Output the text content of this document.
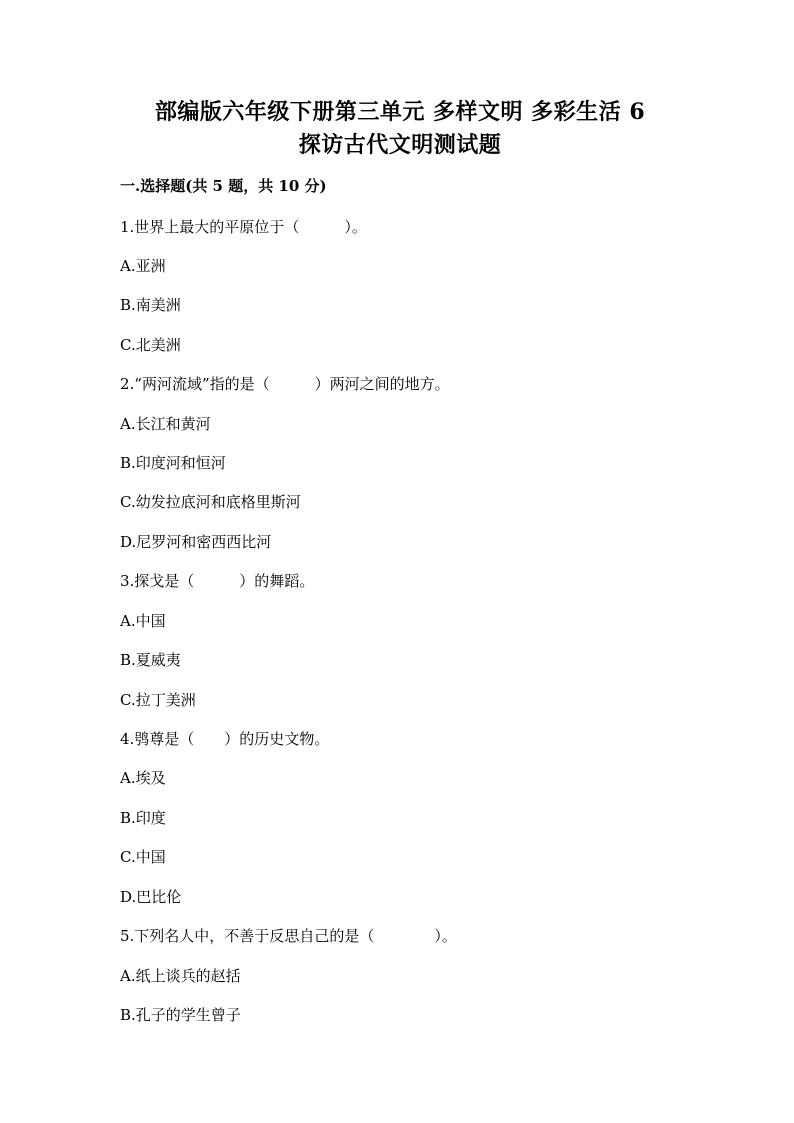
部编版六年级下册第三单元 多样文明 多彩生活 6
探访古代文明测试题
一.选择题(共 5 题，共 10 分)
1.世界上最大的平原位于（　　　）。
A.亚洲
B.南美洲
C.北美洲
2.“两河流域”指的是（　　　）两河之间的地方。
A.长江和黄河
B.印度河和恒河
C.幼发拉底河和底格里斯河
D.尼罗河和密西西比河
3.探戈是（　　　）的舞蹈。
A.中国
B.夏威夷
C.拉丁美洲
4.鸮尊是（　　）的历史文物。
A.埃及
B.印度
C.中国
D.巴比伦
5.下列名人中，不善于反思自己的是（　　　　）。
A.纸上谈兵的赵括
B.孔子的学生曾子
